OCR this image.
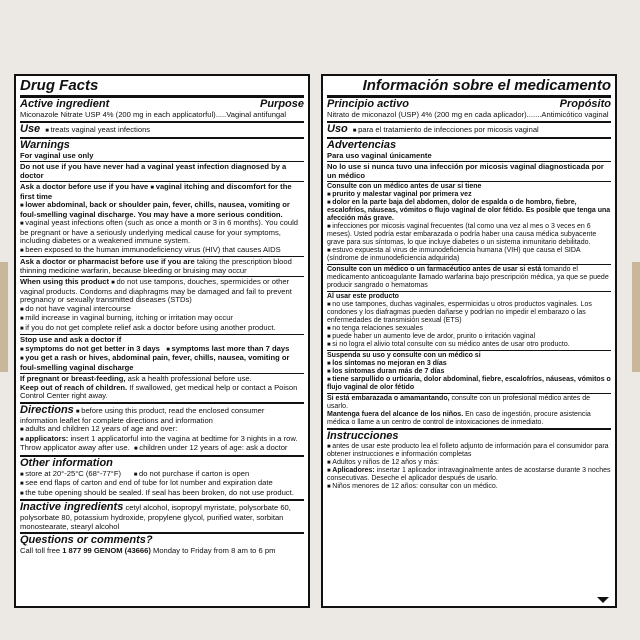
Drug Facts
Active ingredient	Purpose
Miconazole Nitrate USP 4% (200 mg in each applicatorful).....Vaginal antifungal
Use	■ treats vaginal yeast infections
Warnings
For vaginal use only
Do not use if you have never had a vaginal yeast infection diagnosed by a doctor
Ask a doctor before use if you have ■ vaginal itching and discomfort for the first time
■ lower abdominal, back or shoulder pain, fever, chills, nausea, vomiting or foul-smelling vaginal discharge. You may have a more serious condition.
■ vaginal yeast infections often (such as once a month or 3 in 6 months). You could be pregnant or have a seriously underlying medical cause for your symptoms, including diabetes or a weakened immune system.
■ been exposed to the human immunodeficiency virus (HIV) that causes AIDS
Ask a doctor or pharmacist before use if you are taking the prescription blood thinning medicine warfarin, because bleeding or bruising may occur
When using this product ■ do not use tampons, douches, spermicides or other vaginal products. Condoms and diaphragms may be damaged and fail to prevent pregnancy or sexually transmitted diseases (STDs)
■ do not have vaginal intercourse
■ mild increase in vaginal burning, itching or irritation may occur
■ if you do not get complete relief ask a doctor before using another product.
Stop use and ask a doctor if
■ symptoms do not get better in 3 days ■ symptoms last more than 7 days
■ you get a rash or hives, abdominal pain, fever, chills, nausea, vomiting or foul-smelling vaginal discharge
If pregnant or breast-feeding, ask a health professional before use.
Keep out of reach of children. If swallowed, get medical help or contact a Poison Control Center right away.
Directions ■ before using this product, read the enclosed consumer information leaflet for complete directions and information
■ adults and children 12 years of age and over:
■ applicators: insert 1 applicatorful into the vagina at bedtime for 3 nights in a row. Throw applicator away after use. ■ children under 12 years of age: ask a doctor
Other information
■ store at 20°-25°C (68°-77°F) ■ do not purchase if carton is open
■ see end flaps of carton and end of tube for lot number and expiration date
■ the tube opening should be sealed. If seal has been broken, do not use product.
Inactive ingredients cetyl alcohol, isopropyl myristate, polysorbate 60, polysorbate 80, potassium hydroxide, propylene glycol, purified water, sorbitan monostearate, stearyl alcohol
Questions or comments?
Call toll free 1 877 99 GENOM (43666) Monday to Friday from 8 am to 6 pm
Información sobre el medicamento
Principio activo	Propósito
Nitrato de miconazol (USP) 4% (200 mg en cada aplicador).......Antimicótico vaginal
Uso	■ para el tratamiento de infecciones por micosis vaginal
Advertencias
Para uso vaginal únicamente
No lo use si nunca tuvo una infección por micosis vaginal diagnosticada por un médico
Consulte con un médico antes de usar si tiene
■ prurito y malestar vaginal por primera vez
■ dolor en la parte baja del abdomen, dolor de espalda o de hombro, fiebre, escalofríos, náuseas, vómitos o flujo vaginal de olor fétido. Es posible que tenga una afección más grave.
■ infecciones por micosis vaginal frecuentes (tal como una vez al mes o 3 veces en 6 meses). Usted podría estar embarazada o podría haber una causa médica subyacente grave para sus síntomas, lo que incluye diabetes o un sistema inmunitario debilitado.
■ estuvo expuesta al virus de inmunodeficiencia humana (VIH) que causa el SIDA (síndrome de inmunodeficiencia adquirida)
Consulte con un médico o un farmacéutico antes de usar si está tomando el medicamento anticoagulante llamado warfarina bajo prescripción médica, ya que se puede producir sangrado o hematomas
Al usar este producto
■ no use tampones, duchas vaginales, espermicidas u otros productos vaginales. Los condones y los diafragmas pueden dañarse y podrían no impedir el embarazo o las enfermedades de transmisión sexual (ETS)
■ no tenga relaciones sexuales
■ puede haber un aumento leve de ardor, prurito o irritación vaginal
■ si no logra el alivio total consulte con su médico antes de usar otro producto.
Suspenda su uso y consulte con un médico si
■ los síntomas no mejoran en 3 días
■ los síntomas duran más de 7 días
■ tiene sarpullido o urticaria, dolor abdominal, fiebre, escalofríos, náuseas, vómitos o flujo vaginal de olor fétido
Si está embarazada o amamantando, consulte con un profesional médico antes de usarlo.
Mantenga fuera del alcance de los niños. En caso de ingestión, procure asistencia médica o llame a un centro de control de intoxicaciones de inmediato.
Instrucciones
■ antes de usar este producto lea el folleto adjunto de información para el consumidor para obtener instrucciones e información completas
■ Adultos y niños de 12 años y más:
■ Aplicadores: insertar 1 aplicador intravaginalmente antes de acostarse durante 3 noches consecutivas. Deseche el aplicador después de usarlo.
■ Niños menores de 12 años: consultar con un médico.
